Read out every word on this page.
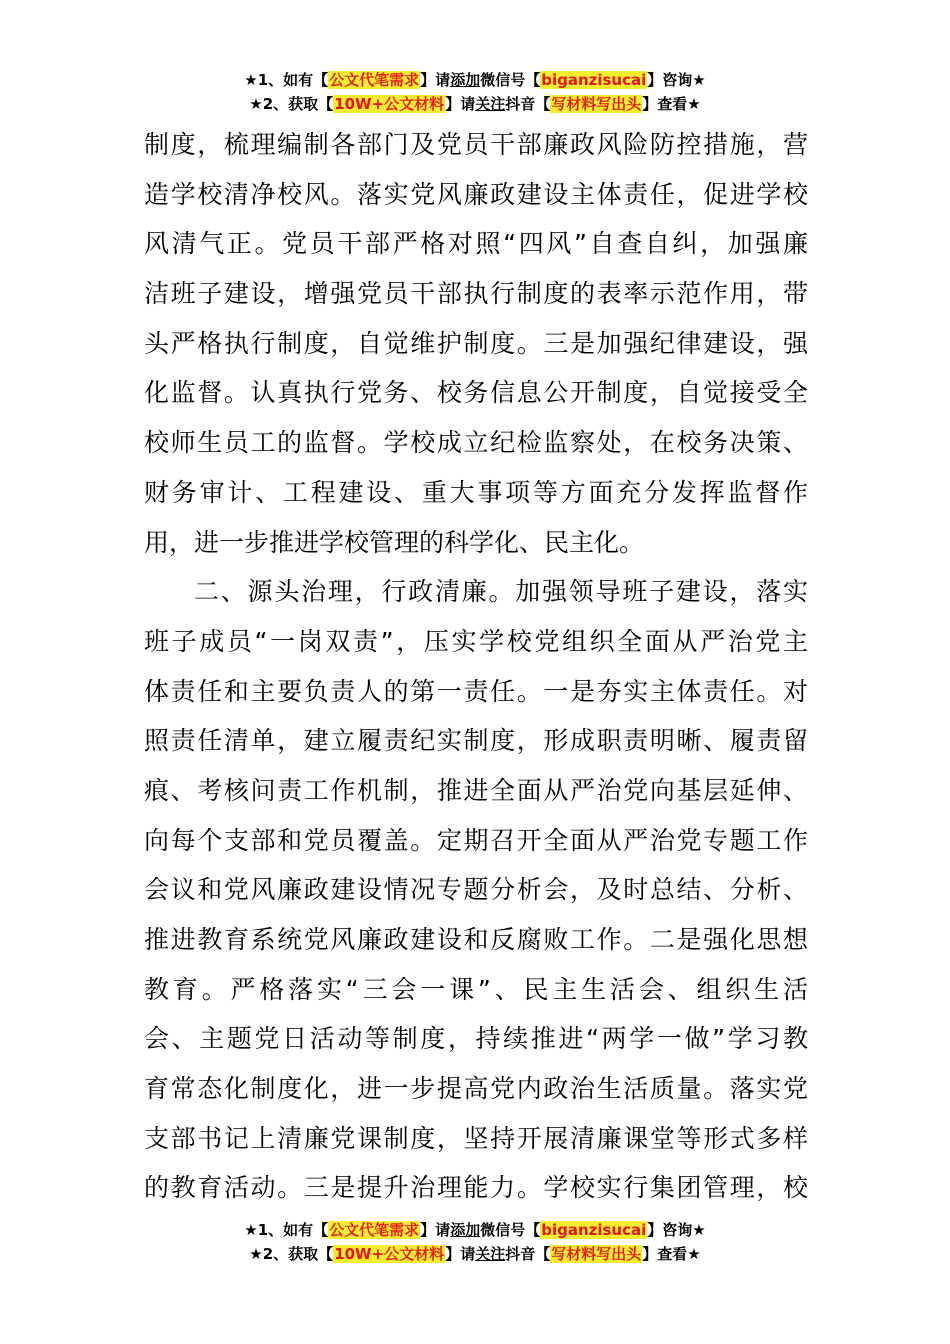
★1、如有【公文代笔需求】请添加微信号【biganzisucai】咨询★
★2、获取【10W+公文材料】请关注抖音【写材料写出头】查看★
制度，梳理编制各部门及党员干部廉政风险防控措施，营
造学校清净校风。落实党风廉政建设主体责任，促进学校
风清气正。党员干部严格对照“四风”自查自纠，加强廉
洁班子建设，增强党员干部执行制度的表率示范作用，带
头严格执行制度，自觉维护制度。三是加强纪律建设，强
化监督。认真执行党务、校务信息公开制度，自觉接受全
校师生员工的监督。学校成立纪检监察处，在校务决策、
财务审计、工程建设、重大事项等方面充分发挥监督作
用，进一步推进学校管理的科学化、民主化。
二、源头治理，行政清廉。加强领导班子建设，落实
班子成员“一岗双责”，压实学校党组织全面从严治党主
体责任和主要负责人的第一责任。一是夯实主体责任。对
照责任清单，建立履责纪实制度，形成职责明晰、履责留
痕、考核问责工作机制，推进全面从严治党向基层延伸、
向每个支部和党员覆盖。定期召开全面从严治党专题工作
会议和党风廉政建设情况专题分析会，及时总结、分析、
推进教育系统党风廉政建设和反腐败工作。二是强化思想
教育。严格落实“三会一课”、民主生活会、组织生活
会、主题党日活动等制度，持续推进“两学一做”学习教
育常态化制度化，进一步提高党内政治生活质量。落实党
支部书记上清廉党课制度，坚持开展清廉课堂等形式多样
的教育活动。三是提升治理能力。学校实行集团管理，校
★1、如有【公文代笔需求】请添加微信号【biganzisucai】咨询★
★2、获取【10W+公文材料】请关注抖音【写材料写出头】查看★
